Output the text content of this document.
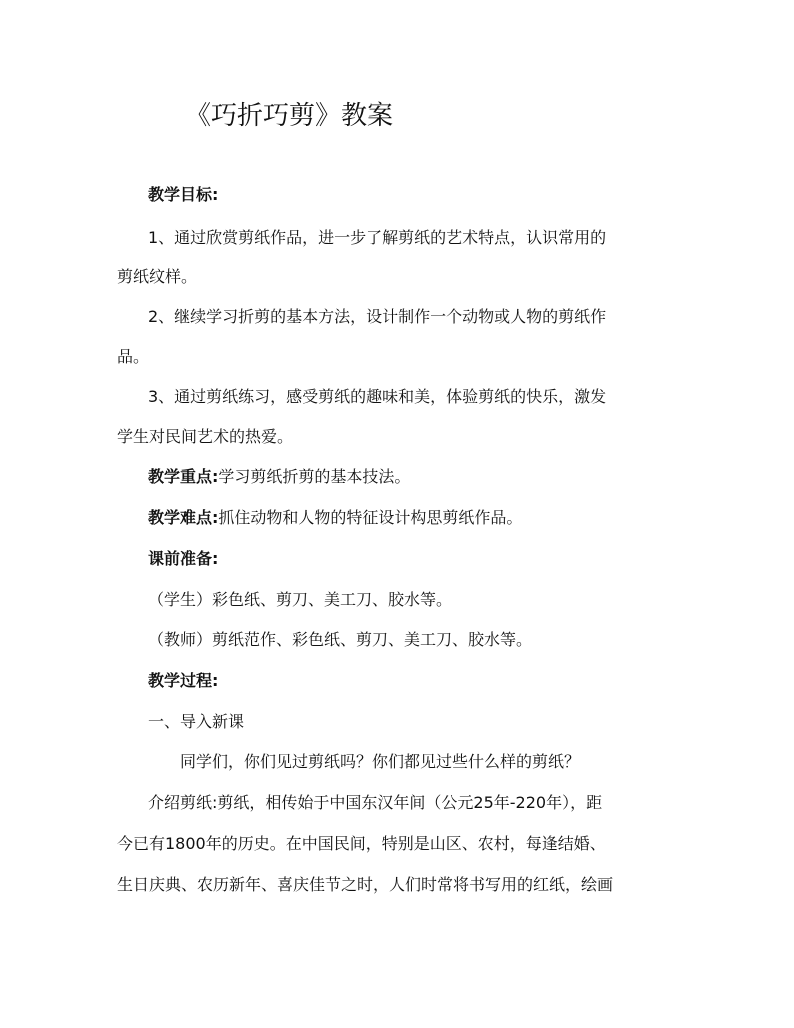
《巧折巧剪》教案
教学目标:
1、通过欣赏剪纸作品，进一步了解剪纸的艺术特点，认识常用的
剪纸纹样。
2、继续学习折剪的基本方法，设计制作一个动物或人物的剪纸作
品。
3、通过剪纸练习，感受剪纸的趣味和美，体验剪纸的快乐，激发
学生对民间艺术的热爱。
教学重点:学习剪纸折剪的基本技法。
教学难点:抓住动物和人物的特征设计构思剪纸作品。
课前准备:
（学生）彩色纸、剪刀、美工刀、胶水等。
（教师）剪纸范作、彩色纸、剪刀、美工刀、胶水等。
教学过程:
一、导入新课
同学们，你们见过剪纸吗？你们都见过些什么样的剪纸？
介绍剪纸:剪纸，相传始于中国东汉年间（公元25年-220年），距
今已有1800年的历史。在中国民间，特别是山区、农村，每逢结婚、
生日庆典、农历新年、喜庆佳节之时，人们时常将书写用的红纸，绘画
